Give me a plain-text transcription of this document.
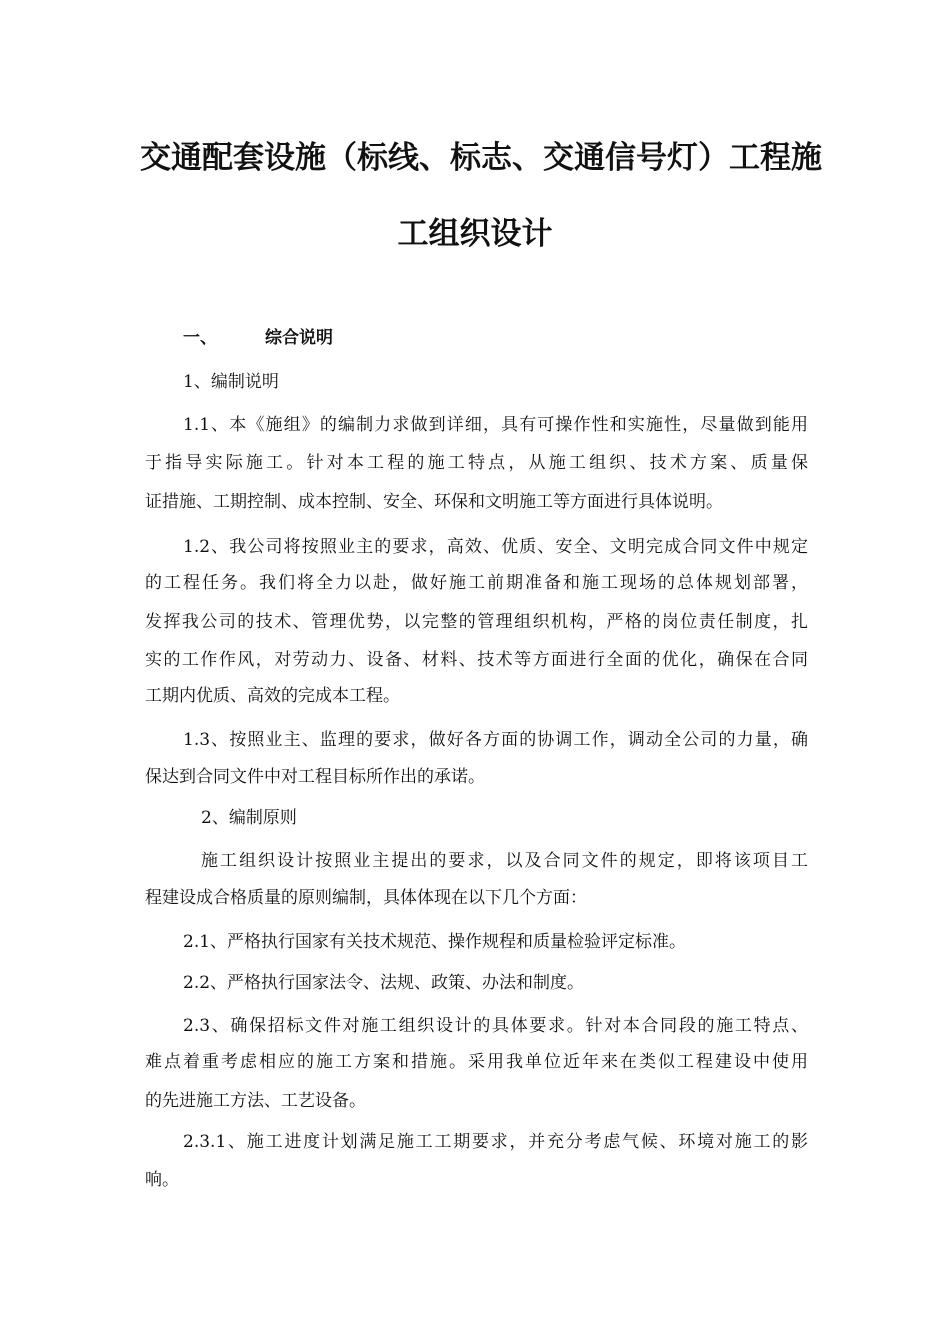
交通配套设施（标线、标志、交通信号灯）工程施
工组织设计
一、	综合说明
1、编制说明
1.1、本《施组》的编制力求做到详细，具有可操作性和实施性，尽量做到能用
于指导实际施工。针对本工程的施工特点，从施工组织、技术方案、质量保
证措施、工期控制、成本控制、安全、环保和文明施工等方面进行具体说明。
1.2、我公司将按照业主的要求，高效、优质、安全、文明完成合同文件中规定
的工程任务。我们将全力以赴，做好施工前期准备和施工现场的总体规划部署，
发挥我公司的技术、管理优势，以完整的管理组织机构，严格的岗位责任制度，扎
实的工作作风，对劳动力、设备、材料、技术等方面进行全面的优化，确保在合同
工期内优质、高效的完成本工程。
1.3、按照业主、监理的要求，做好各方面的协调工作，调动全公司的力量，确
保达到合同文件中对工程目标所作出的承诺。
2、编制原则
施工组织设计按照业主提出的要求，以及合同文件的规定，即将该项目工
程建设成合格质量的原则编制，具体体现在以下几个方面：
2.1、严格执行国家有关技术规范、操作规程和质量检验评定标准。
2.2、严格执行国家法令、法规、政策、办法和制度。
2.3、确保招标文件对施工组织设计的具体要求。针对本合同段的施工特点、
难点着重考虑相应的施工方案和措施。采用我单位近年来在类似工程建设中使用
的先进施工方法、工艺设备。
2.3.1、施工进度计划满足施工工期要求，并充分考虑气候、环境对施工的影
响。
